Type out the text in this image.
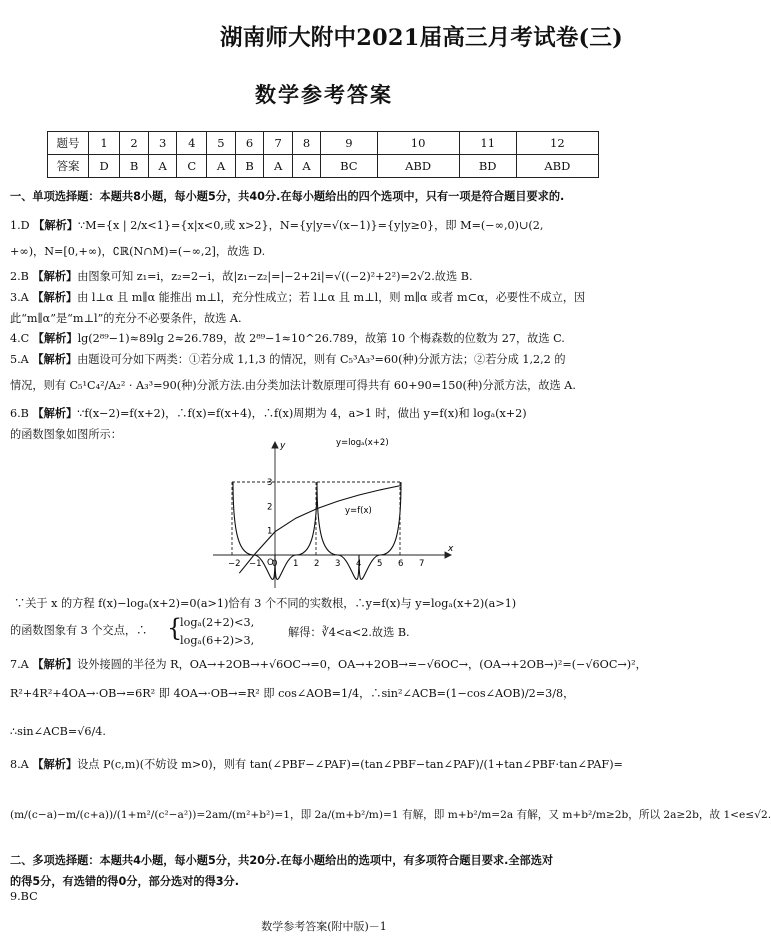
湖南师大附中2021届高三月考试卷(三)
数学参考答案
题号	1	2	3	4	5	6	7	8	9	10	11	12
答案	D	B	A	C	A	B	A	A	BC	ABD	BD	ABD
一、单项选择题：本题共8小题，每小题5分，共40分.在每小题给出的四个选项中，只有一项是符合题目要求的.
1.D 【解析】∵M={x | 2/x<1}={x|x<0,或 x>2}，N={y|y=√(x−1)}={y|y≥0}，即 M=(−∞,0)∪(2,
+∞)，N=[0,+∞)，∁ℝ(N∩M)=(−∞,2]，故选 D.
2.B 【解析】由图象可知 z₁=i，z₂=2−i，故|z₁−z₂|=|−2+2i|=√((−2)²+2²)=2√2.故选 B.
3.A 【解析】由 l⊥α 且 m∥α 能推出 m⊥l，充分性成立；若 l⊥α 且 m⊥l，则 m∥α 或者 m⊂α，必要性不成立，因
此“m∥α”是“m⊥l”的充分不必要条件，故选 A.
4.C 【解析】lg(2⁸⁹−1)≈89lg 2≈26.789，故 2⁸⁹−1≈10^26.789，故第 10 个梅森数的位数为 27，故选 C.
5.A 【解析】由题设可分如下两类：①若分成 1,1,3 的情况，则有 C₅³A₃³=60(种)分派方法；②若分成 1,2,2 的
情况，则有 C₅¹C₄²/A₂² · A₃³=90(种)分派方法.由分类加法计数原理可得共有 60+90=150(种)分派方法，故选 A.
6.B 【解析】∵f(x−2)=f(x+2)，∴f(x)=f(x+4)，∴f(x)周期为 4，a>1 时，做出 y=f(x)和 logₐ(x+2)
的函数图象如图所示：
−2 −1 0 1 2 3 4 5 6 7
3
2
1
O
y=logₐ(x+2)
y=f(x)
x
y
∵关于 x 的方程 f(x)−logₐ(x+2)=0(a>1)恰有 3 个不同的实数根，∴y=f(x)与 y=logₐ(x+2)(a>1)
的函数图象有 3 个交点，∴ {
logₐ(2+2)<3,
logₐ(6+2)>3,
解得：∛4<a<2.故选 B.
7.A 【解析】设外接圆的半径为 R，OA→+2OB→+√6OC→=0，OA→+2OB→=−√6OC→，(OA→+2OB→)²=(−√6OC→)²，
R²+4R²+4OA→·OB→=6R² 即 4OA→·OB→=R² 即 cos∠AOB=1/4，∴sin²∠ACB=(1−cos∠AOB)/2=3/8，
∴sin∠ACB=√6/4.
8.A 【解析】设点 P(c,m)(不妨设 m>0)，则有 tan(∠PBF−∠PAF)=(tan∠PBF−tan∠PAF)/(1+tan∠PBF·tan∠PAF)=
(m/(c−a)−m/(c+a))/(1+m²/(c²−a²))=2am/(m²+b²)=1，即 2a/(m+b²/m)=1 有解，即 m+b²/m=2a 有解，又 m+b²/m≥2b，所以 2a≥2b，故 1<e≤√2.
二、多项选择题：本题共4小题，每小题5分，共20分.在每小题给出的选项中，有多项符合题目要求.全部选对
的得5分，有选错的得0分，部分选对的得3分.
9.BC
数学参考答案(附中版)－1
